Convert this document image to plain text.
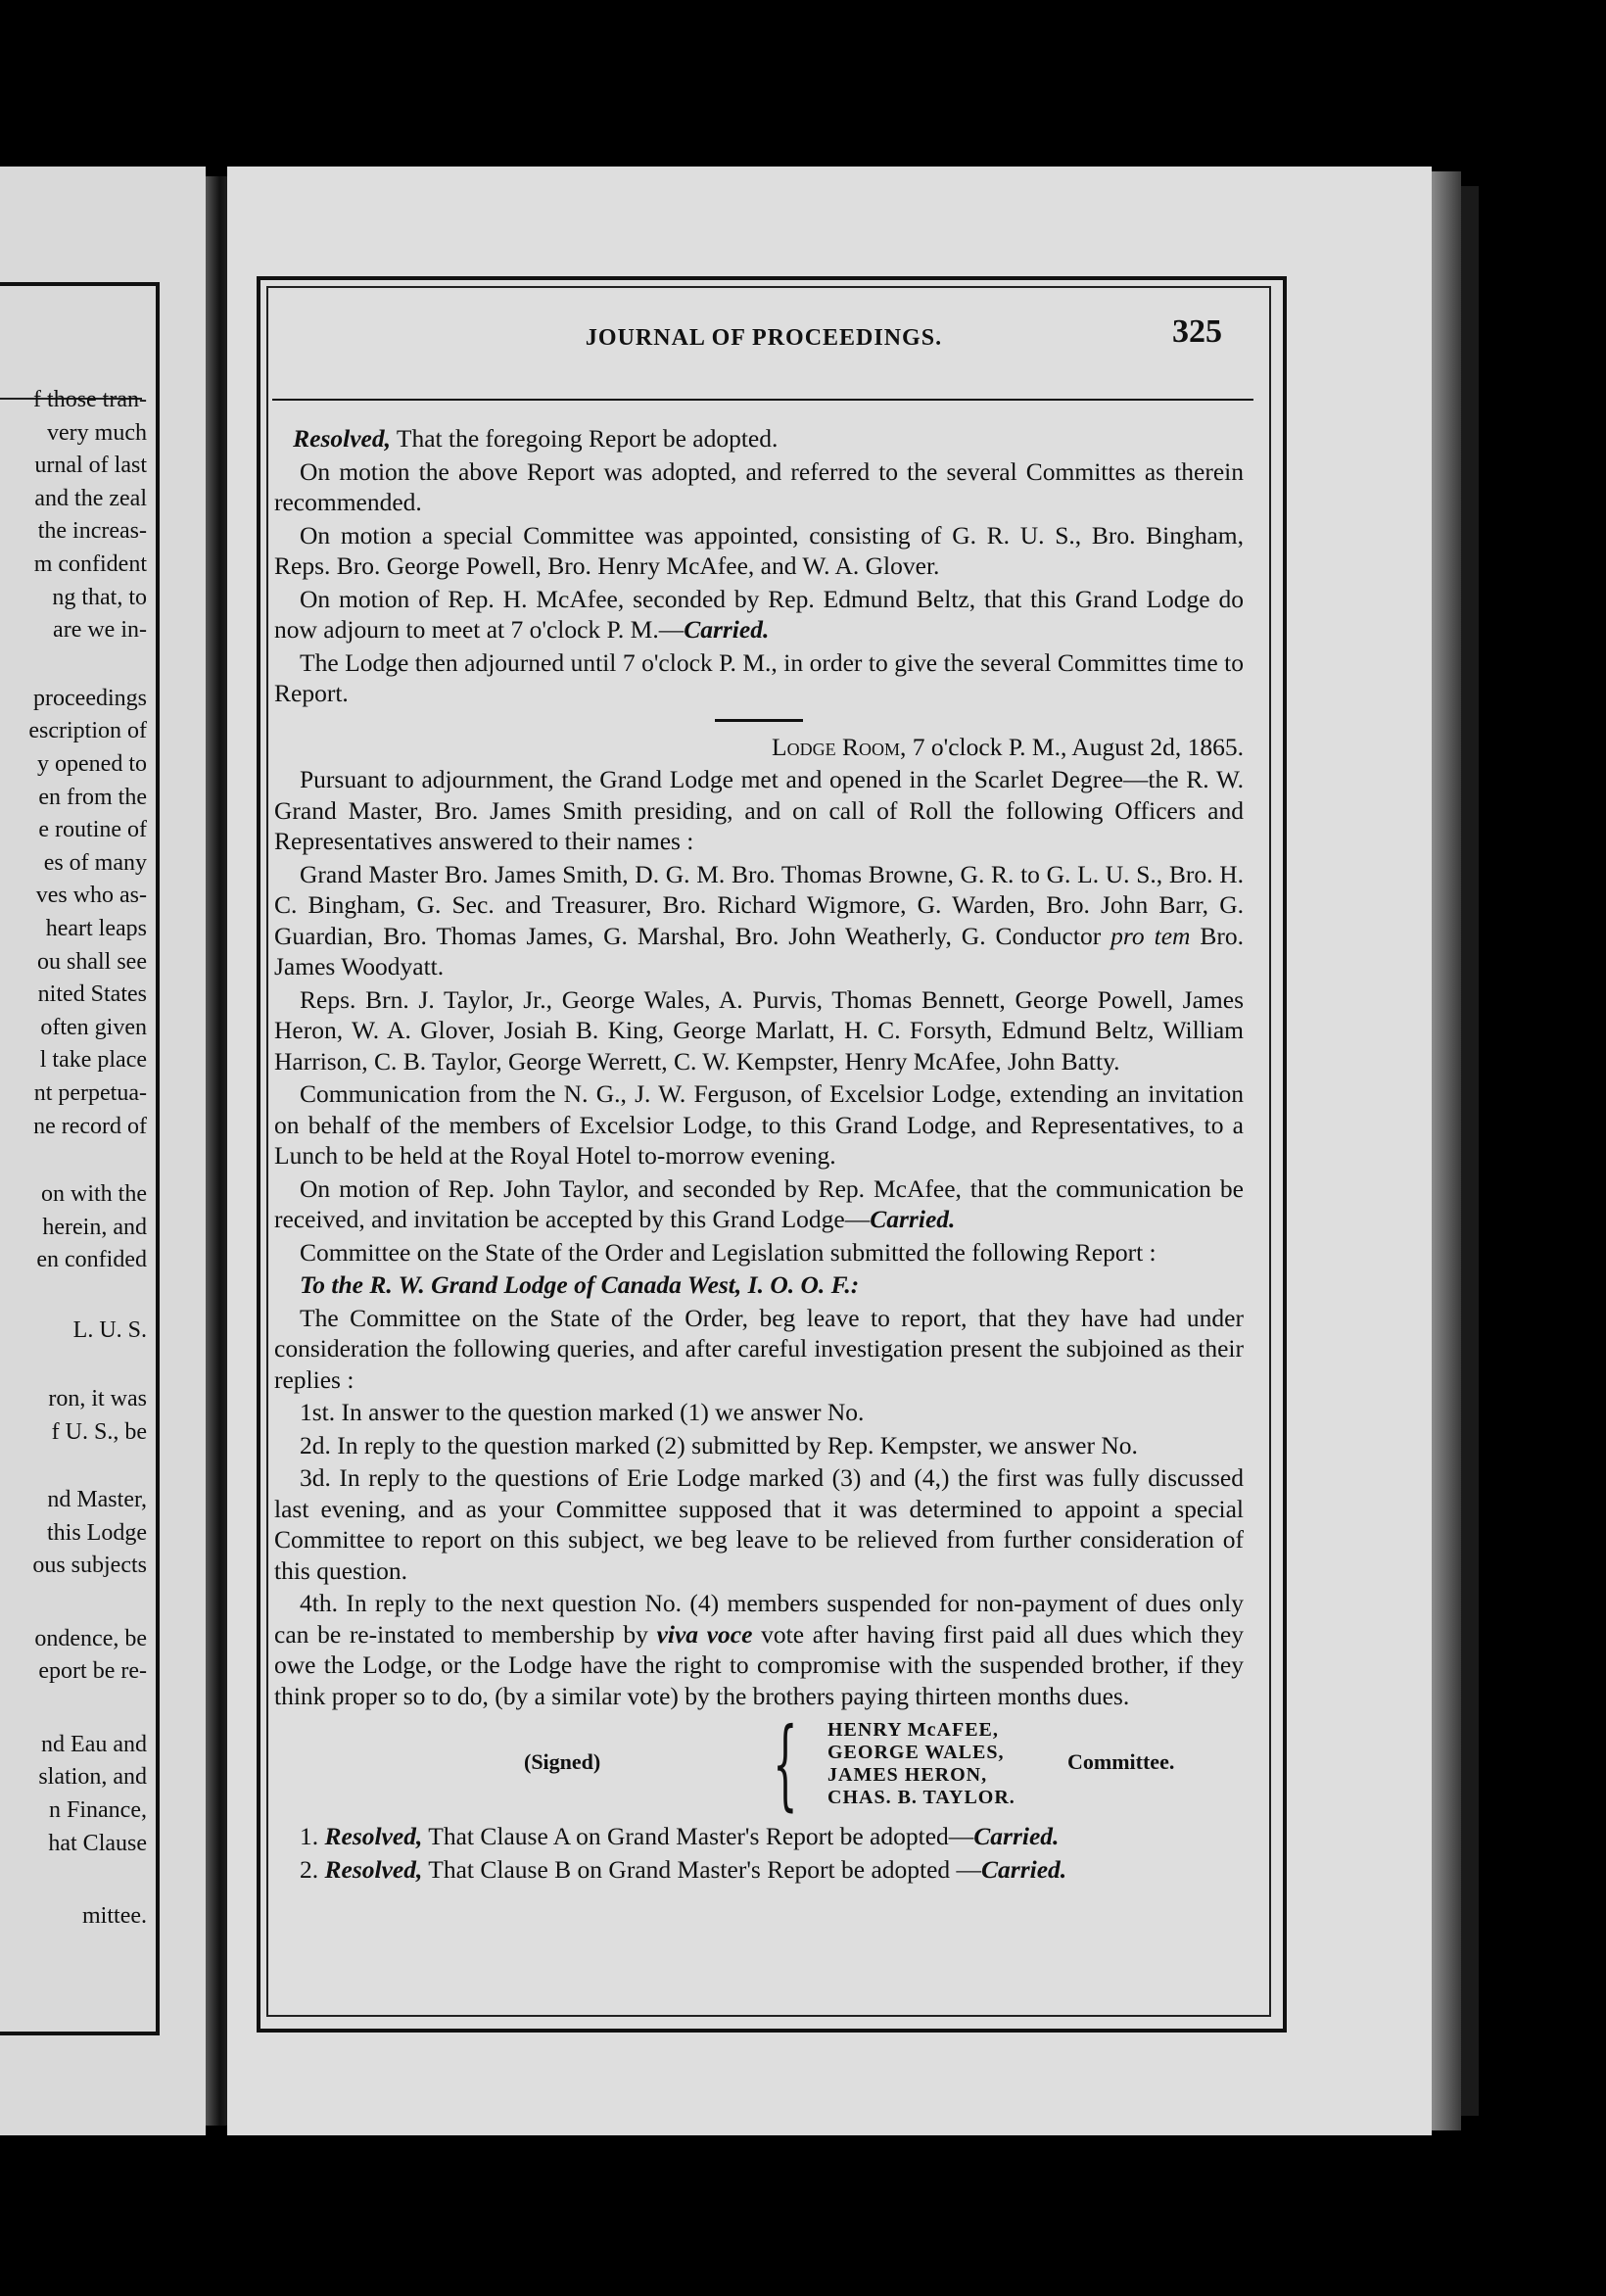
f those tran-
very much
urnal of last
and the zeal
the increas-
m confident
ng that, to
are we in-
proceedings
escription of
y opened to
en from the
e routine of
es of many
ves who as-
heart leaps
ou shall see
nited States
often given
l take place
nt perpetua-
ne record of
on with the
herein, and
en confided
L. U. S.
ron, it was
f U. S., be
nd Master,
this Lodge
ous subjects
ondence, be
eport be re-
nd Eau and
slation, and
n Finance,
hat Clause
mittee.
JOURNAL OF PROCEEDINGS.	325

Resolved, That the foregoing Report be adopted.

On motion the above Report was adopted, and referred to the several Committes as therein recommended.

On motion a special Committee was appointed, consisting of G. R. U. S., Bro. Bingham, Reps. Bro. George Powell, Bro. Henry McAfee, and W. A. Glover.

On motion of Rep. H. McAfee, seconded by Rep. Edmund Beltz, that this Grand Lodge do now adjourn to meet at 7 o'clock P. M.—Carried.

The Lodge then adjourned until 7 o'clock P. M., in order to give the several Committes time to Report.

Lodge Room, 7 o'clock P. M., August 2d, 1865.

Pursuant to adjournment, the Grand Lodge met and opened in the Scarlet Degree—the R. W. Grand Master, Bro. James Smith presiding, and on call of Roll the following Officers and Representatives answered to their names :

Grand Master Bro. James Smith, D. G. M. Bro. Thomas Browne, G. R. to G. L. U. S., Bro. H. C. Bingham, G. Sec. and Treasurer, Bro. Richard Wigmore, G. Warden, Bro. John Barr, G. Guardian, Bro. Thomas James, G. Marshal, Bro. John Weatherly, G. Conductor pro tem Bro. James Woodyatt.

Reps. Brn. J. Taylor, Jr., George Wales, A. Purvis, Thomas Bennett, George Powell, James Heron, W. A. Glover, Josiah B. King, George Marlatt, H. C. Forsyth, Edmund Beltz, William Harrison, C. B. Taylor, George Werrett, C. W. Kempster, Henry McAfee, John Batty.

Communication from the N. G., J. W. Ferguson, of Excelsior Lodge, extending an invitation on behalf of the members of Excelsior Lodge, to this Grand Lodge, and Representatives, to a Lunch to be held at the Royal Hotel to-morrow evening.

On motion of Rep. John Taylor, and seconded by Rep. McAfee, that the communication be received, and invitation be accepted by this Grand Lodge—Carried.

Committee on the State of the Order and Legislation submitted the following Report :

To the R. W. Grand Lodge of Canada West, I. O. O. F.:

The Committee on the State of the Order, beg leave to report, that they have had under consideration the following queries, and after careful investigation present the subjoined as their replies :

1st. In answer to the question marked (1) we answer No.

2d. In reply to the question marked (2) submitted by Rep. Kempster, we answer No.

3d. In reply to the questions of Erie Lodge marked (3) and (4,) the first was fully discussed last evening, and as your Committee supposed that it was determined to appoint a special Committee to report on this subject, we beg leave to be relieved from further consideration of this question.

4th. In reply to the next question No. (4) members suspended for non-payment of dues only can be re-instated to membership by viva voce vote after having first paid all dues which they owe the Lodge, or the Lodge have the right to compromise with the suspended brother, if they think proper so to do, (by a similar vote) by the brothers paying thirteen months dues.

(Signed) { HENRY McAFEE,
GEORGE WALES,
JAMES HERON,
CHAS. B. TAYLOR.
Committee.

1. Resolved, That Clause A on Grand Master's Report be adopted—Carried.

2. Resolved, That Clause B on Grand Master's Report be adopted —Carried.
